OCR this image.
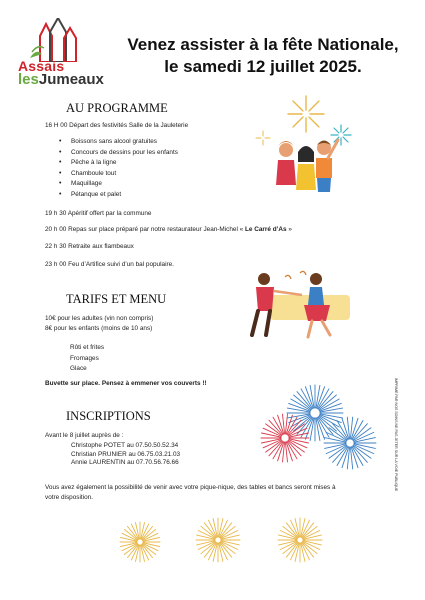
Assais
lesJumeaux
Venez assister à la fête Nationale,
le samedi 12 juillet 2025.
AU PROGRAMME
16 H 00 Départ des festivités Salle de la Jauleterie
• Boissons sans alcool gratuites
• Concours de dessins pour les enfants
• Pêche à la ligne
• Chamboule tout
• Maquillage
• Pétanque et palet
19 h 30 Apéritif offert par la commune
20 h 00 Repas sur place préparé par notre restaurateur Jean-Michel « Le Carré d’As »
22 h 30 Retraite aux flambeaux
23 h 00 Feu d’Artifice suivi d’un bal populaire.
TARIFS ET MENU
10€ pour les adultes (vin non compris)
8€ pour les enfants (moins de 10 ans)
Rôti et frites
Fromages
Glace
Buvette sur place. Pensez à emmener vos couverts !!
INSCRIPTIONS
Avant le 8 juillet auprès de :
Christophe POTET au 07.50.50.52.34
Christian PRUNIER au 06.75.03.21.03
Annie LAURENTIN au 07.70.56.76.66
Vous avez également la possibilité de venir avec votre pique-nique, des tables et bancs seront mises à
votre disposition.
IMPRIMÉ PAR NOS SOINS NE PAS JETER SUR LA VOIE PUBLIQUE
